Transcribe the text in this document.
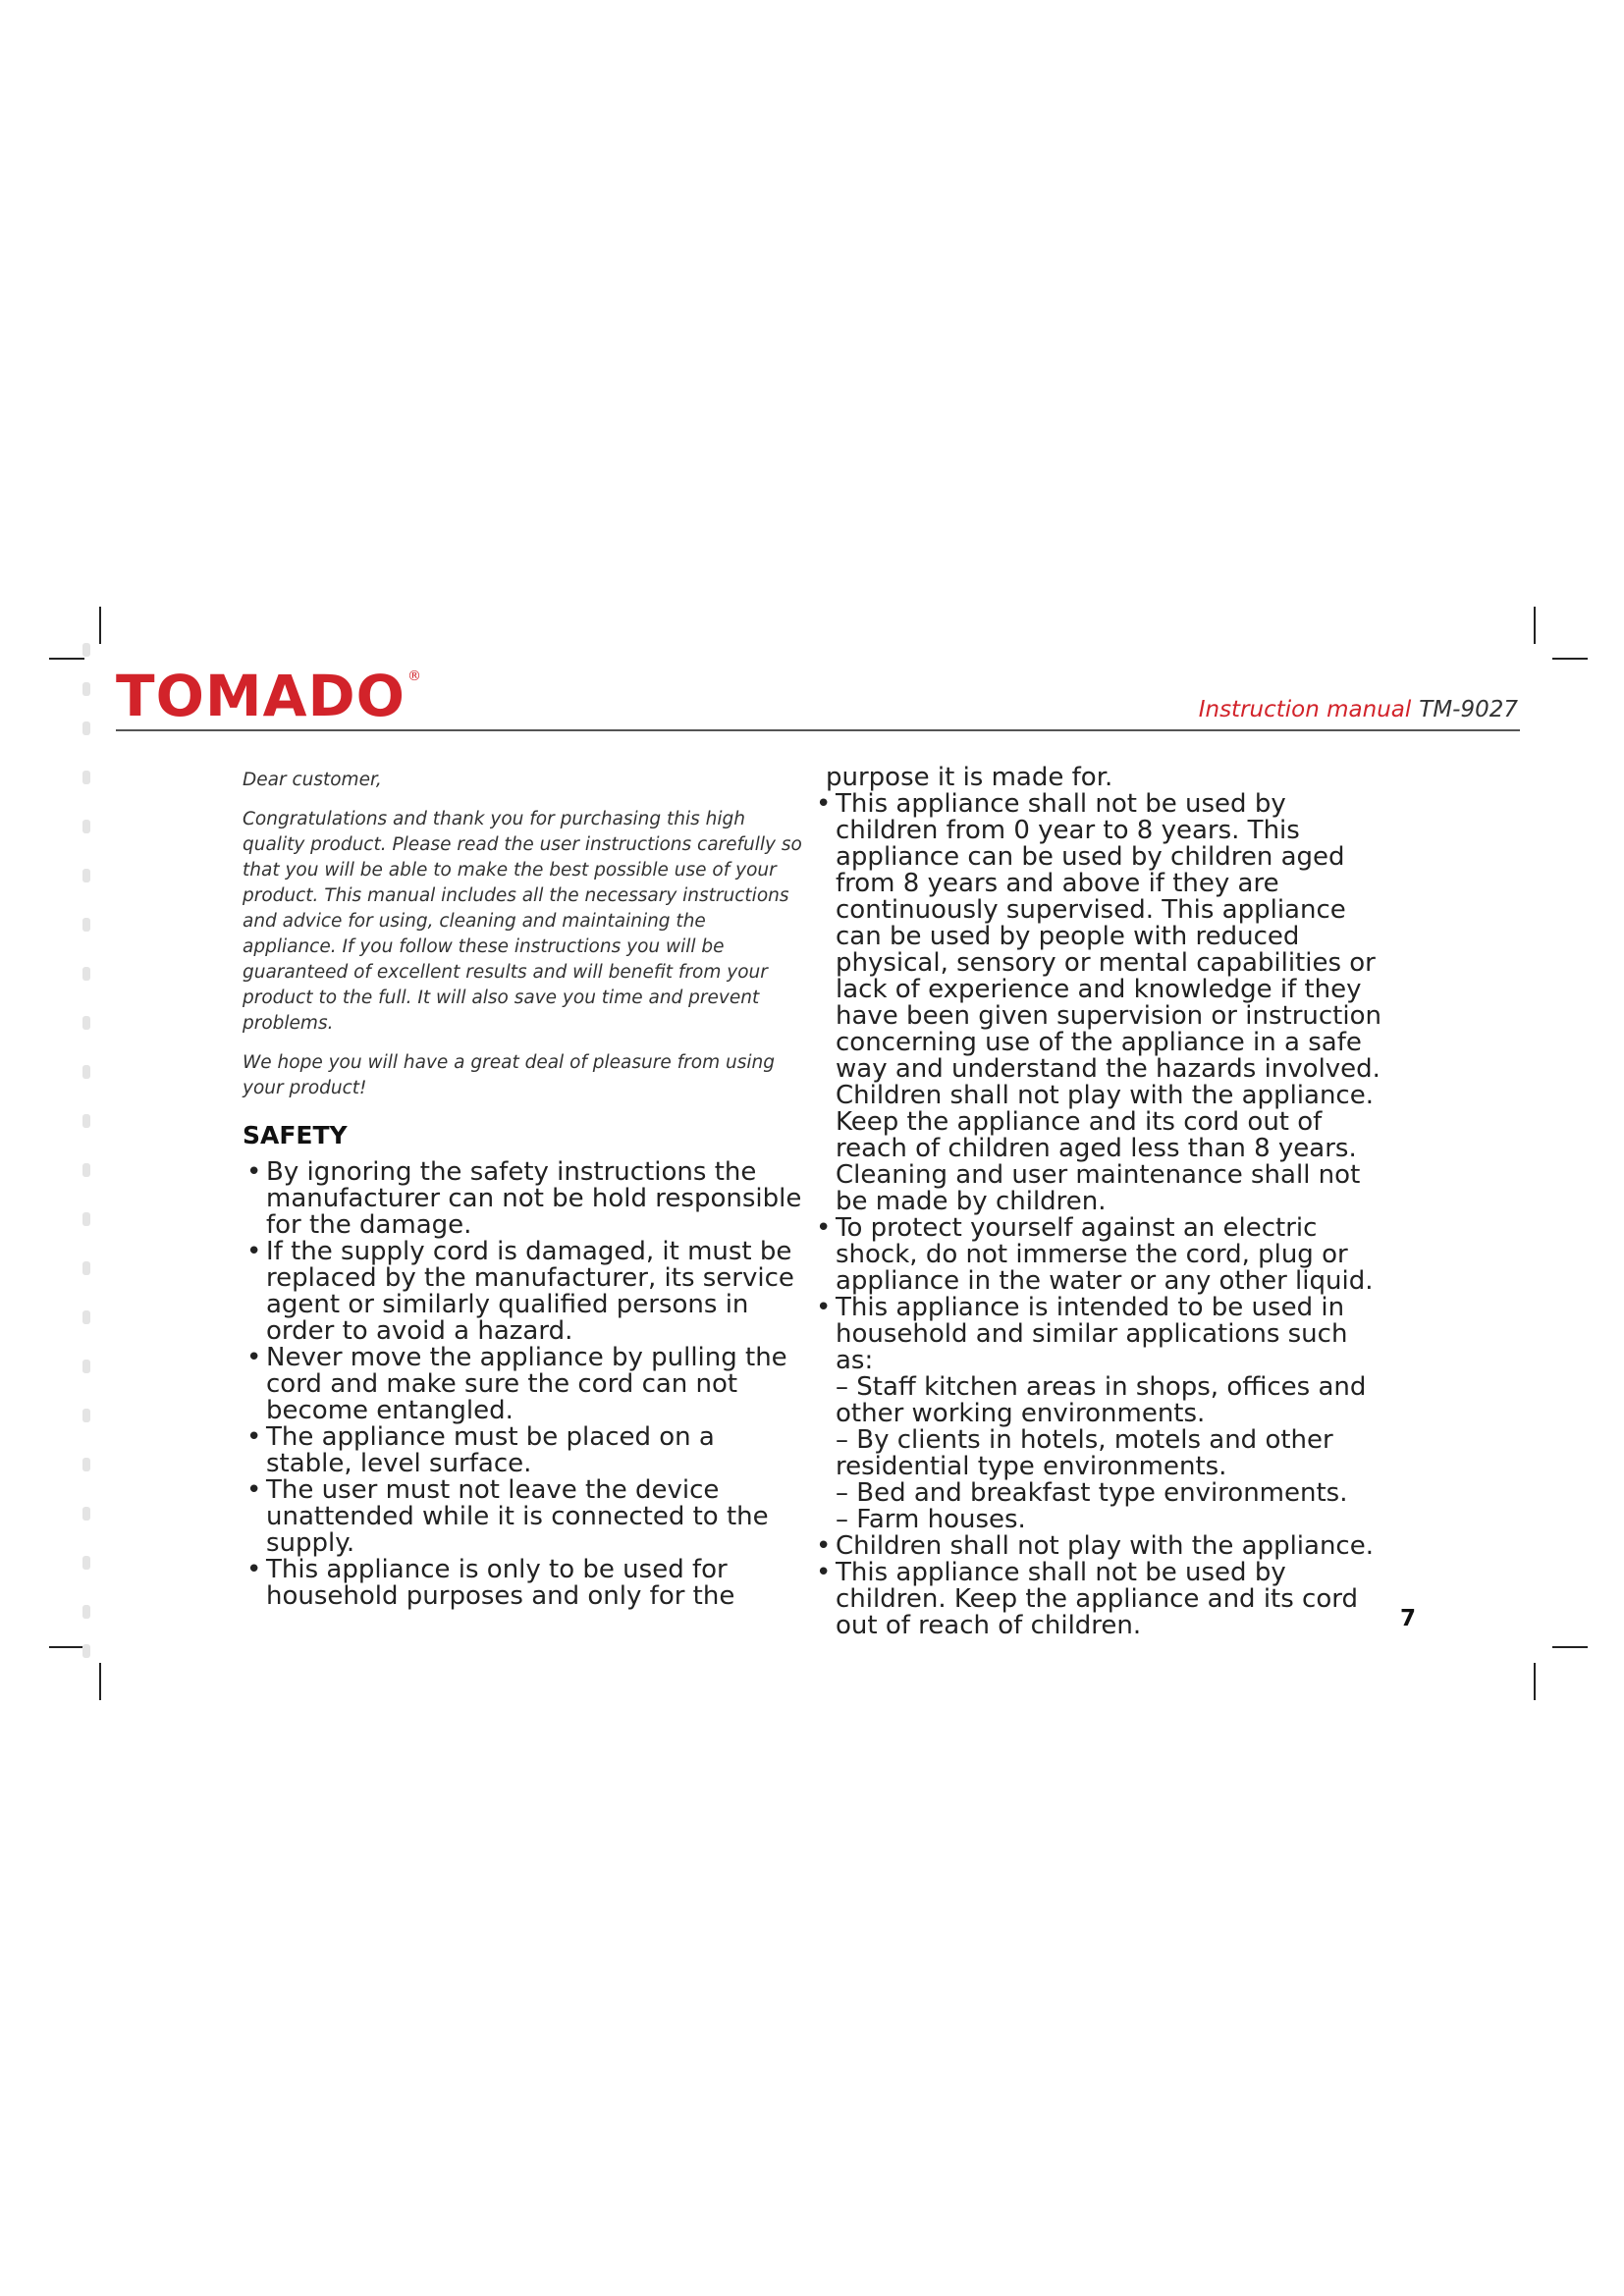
TOMADO ®
Instruction manual TM-9027

Dear customer,

Congratulations and thank you for purchasing this high quality product. Please read the user instructions carefully so that you will be able to make the best possible use of your product. This manual includes all the necessary instructions and advice for using, cleaning and maintaining the appliance. If you follow these instructions you will be guaranteed of excellent results and will benefit from your product to the full. It will also save you time and prevent problems.

We hope you will have a great deal of pleasure from using your product!

SAFETY
• By ignoring the safety instructions the manufacturer can not be hold responsible for the damage.
• If the supply cord is damaged, it must be replaced by the manufacturer, its service agent or similarly qualified persons in order to avoid a hazard.
• Never move the appliance by pulling the cord and make sure the cord can not become entangled.
• The appliance must be placed on a stable, level surface.
• The user must not leave the device unattended while it is connected to the supply.
• This appliance is only to be used for household purposes and only for the
purpose it is made for.
• This appliance shall not be used by children from 0 year to 8 years. This appliance can be used by children aged from 8 years and above if they are continuously supervised. This appliance can be used by people with reduced physical, sensory or mental capabilities or lack of experience and knowledge if they have been given supervision or instruction concerning use of the appliance in a safe way and understand the hazards involved. Children shall not play with the appliance. Keep the appliance and its cord out of reach of children aged less than 8 years. Cleaning and user maintenance shall not be made by children.
• To protect yourself against an electric shock, do not immerse the cord, plug or appliance in the water or any other liquid.
• This appliance is intended to be used in household and similar applications such as:
– Staff kitchen areas in shops, offices and other working environments.
– By clients in hotels, motels and other residential type environments.
– Bed and breakfast type environments.
– Farm houses.
• Children shall not play with the appliance.
• This appliance shall not be used by children. Keep the appliance and its cord out of reach of children.	7
